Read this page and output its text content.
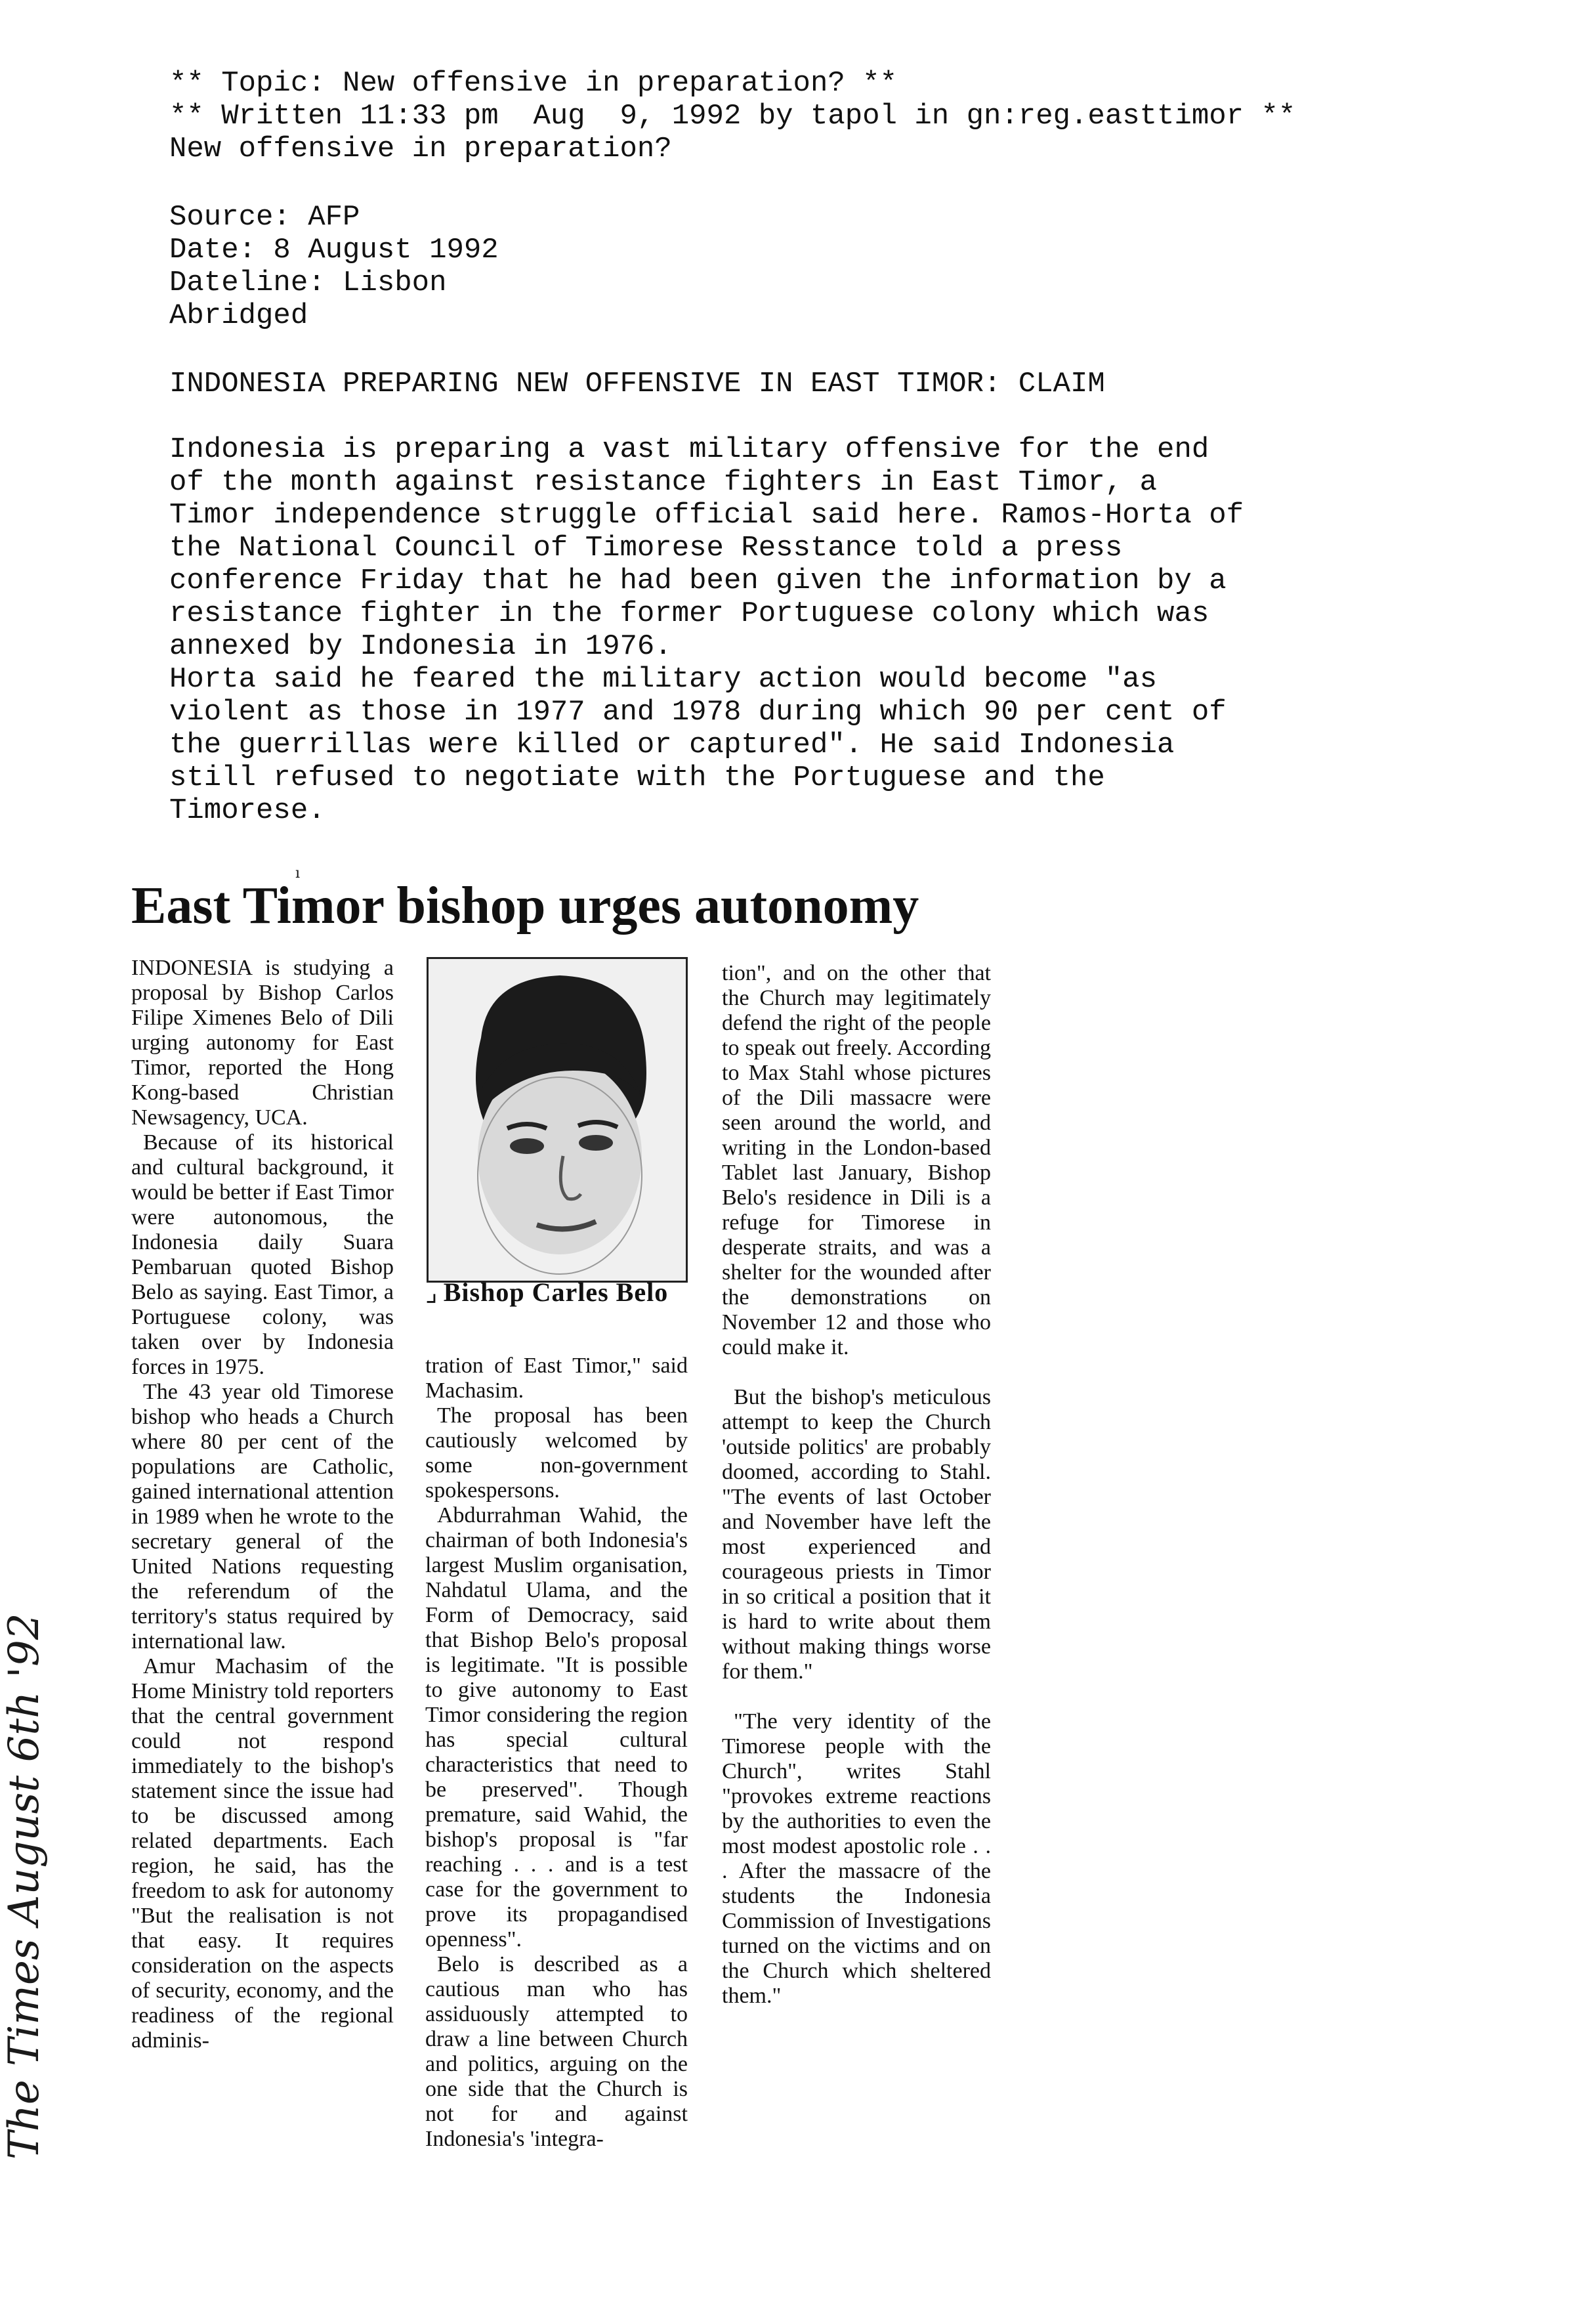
** Topic: New offensive in preparation? **
** Written 11:33 pm  Aug  9, 1992 by tapol in gn:reg.easttimor **
New offensive in preparation?
Source: AFP
Date: 8 August 1992
Dateline: Lisbon
Abridged
INDONESIA PREPARING NEW OFFENSIVE IN EAST TIMOR: CLAIM
Indonesia is preparing a vast military offensive for the end
of the month against resistance fighters in East Timor, a
Timor independence struggle official said here. Ramos-Horta of
the National Council of Timorese Resstance told a press
conference Friday that he had been given the information by a
resistance fighter in the former Portuguese colony which was
annexed by Indonesia in 1976.
Horta said he feared the military action would become "as
violent as those in 1977 and 1978 during which 90 per cent of
the guerrillas were killed or captured". He said Indonesia
still refused to negotiate with the Portuguese and the
Timorese.
ı
East Timor bishop urges autonomy

INDONESIA is studying a proposal by Bishop Carlos Filipe Ximenes Belo of Dili urging autonomy for East Timor, reported the Hong Kong-based Christian Newsagency, UCA.

Because of its historical and cultural background, it would be better if East Timor were autonomous, the Indonesia daily Suara Pembaruan quoted Bishop Belo as saying. East Timor, a Portuguese colony, was taken over by Indonesia forces in 1975.

The 43 year old Timorese bishop who heads a Church where 80 per cent of the populations are Catholic, gained international attention in 1989 when he wrote to the secretary general of the United Nations requesting the referendum of the territory's status required by international law.

Amur Machasim of the Home Ministry told reporters that the central government could not respond immediately to the bishop's statement since the issue had to be discussed among related departments. Each region, he said, has the freedom to ask for autonomy "But the realisation is not that easy. It requires consideration on the aspects of security, economy, and the readiness of the regional adminis-

⌟ Bishop Carles Belo

tration of East Timor," said Machasim.

The proposal has been cautiously welcomed by some non-government spokespersons.

Abdurrahman Wahid, the chairman of both Indonesia's largest Muslim organisation, Nahdatul Ulama, and the Form of Democracy, said that Bishop Belo's proposal is legitimate. "It is possible to give autonomy to East Timor considering the region has special cultural characteristics that need to be preserved". Though premature, said Wahid, the bishop's proposal is "far reaching . . . and is a test case for the government to prove its propagandised openness".

Belo is described as a cautious man who has assiduously attempted to draw a line between Church and politics, arguing on the one side that the Church is not for and against Indonesia's 'integra-

tion", and on the other that the Church may legitimately defend the right of the people to speak out freely. According to Max Stahl whose pictures of the Dili massacre were seen around the world, and writing in the London-based Tablet last January, Bishop Belo's residence in Dili is a refuge for Timorese in desperate straits, and was a shelter for the wounded after the demonstrations on November 12 and those who could make it.

But the bishop's meticulous attempt to keep the Church 'outside politics' are probably doomed, according to Stahl. "The events of last October and November have left the most experienced and courageous priests in Timor in so critical a position that it is hard to write about them without making things worse for them."

"The very identity of the Timorese people with the Church", writes Stahl "provokes extreme reactions by the authorities to even the most modest apostolic role . . . After the massacre of the students the Indonesia Commission of Investigations turned on the victims and on the Church which sheltered them."

The Times August 6th '92
